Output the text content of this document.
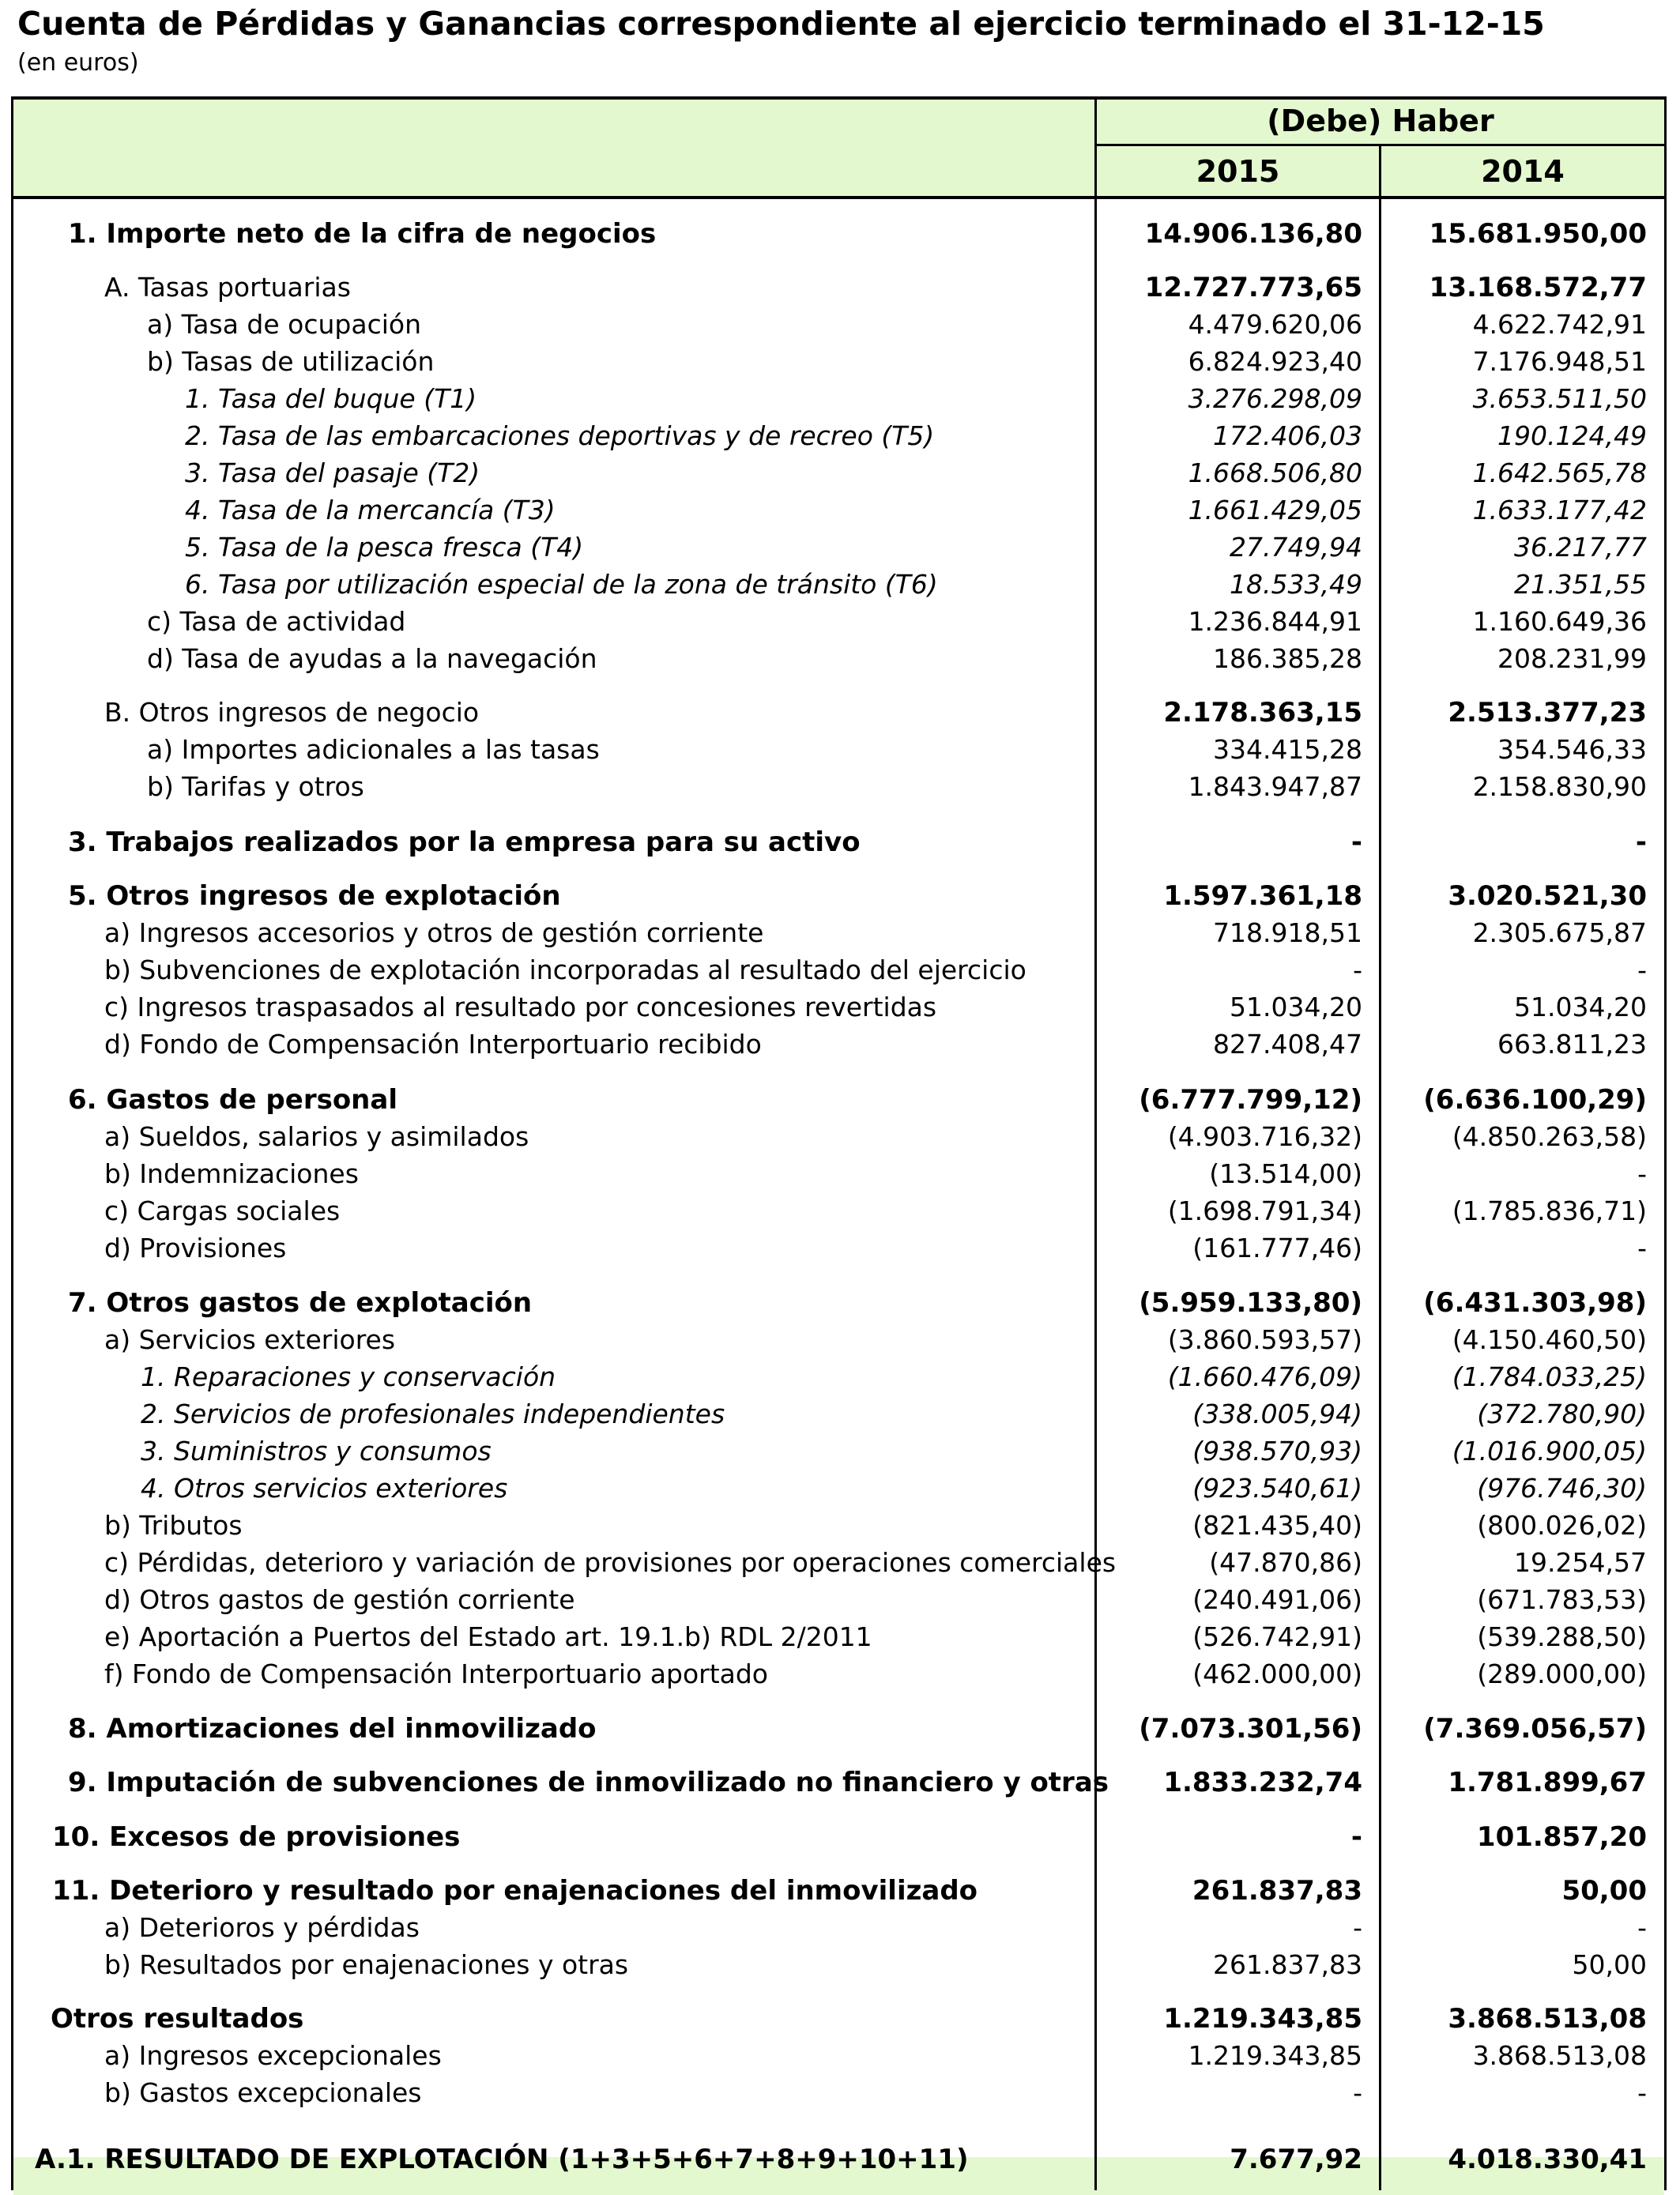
Cuenta de Pérdidas y Ganancias correspondiente al ejercicio terminado el 31-12-15
(en euros)
(Debe) Haber
2015	2014
1. Importe neto de la cifra de negocios	14.906.136,80 15.681.950,00
A. Tasas portuarias	12.727.773,65 13.168.572,77
a) Tasa de ocupación	4.479.620,06	4.622.742,91
b) Tasas de utilización	6.824.923,40	7.176.948,51
1. Tasa del buque (T1)	3.276.298,09	3.653.511,50
2. Tasa de las embarcaciones deportivas y de recreo (T5)	172.406,03	190.124,49
3. Tasa del pasaje (T2)	1.668.506,80	1.642.565,78
4. Tasa de la mercancía (T3)	1.661.429,05	1.633.177,42
5. Tasa de la pesca fresca (T4)	27.749,94	36.217,77
6. Tasa por utilización especial de la zona de tránsito (T6)	18.533,49	21.351,55
c) Tasa de actividad	1.236.844,91	1.160.649,36
d) Tasa de ayudas a la navegación	186.385,28	208.231,99
B. Otros ingresos de negocio	2.178.363,15	2.513.377,23
a) Importes adicionales a las tasas	334.415,28	354.546,33
b) Tarifas y otros	1.843.947,87	2.158.830,90
3. Trabajos realizados por la empresa para su activo	-	-
5. Otros ingresos de explotación	1.597.361,18	3.020.521,30
a) Ingresos accesorios y otros de gestión corriente	718.918,51	2.305.675,87
b) Subvenciones de explotación incorporadas al resultado del ejercicio	-	-
c) Ingresos traspasados al resultado por concesiones revertidas	51.034,20	51.034,20
d) Fondo de Compensación Interportuario recibido	827.408,47	663.811,23
6. Gastos de personal	(6.777.799,12) (6.636.100,29)
a) Sueldos, salarios y asimilados	(4.903.716,32)	(4.850.263,58)
b) Indemnizaciones	(13.514,00)	-
c) Cargas sociales	(1.698.791,34)	(1.785.836,71)
d) Provisiones	(161.777,46)	-
7. Otros gastos de explotación	(5.959.133,80) (6.431.303,98)
a) Servicios exteriores	(3.860.593,57)	(4.150.460,50)
1. Reparaciones y conservación	(1.660.476,09)	(1.784.033,25)
2. Servicios de profesionales independientes	(338.005,94)	(372.780,90)
3. Suministros y consumos	(938.570,93)	(1.016.900,05)
4. Otros servicios exteriores	(923.540,61)	(976.746,30)
b) Tributos	(821.435,40)	(800.026,02)
c) Pérdidas, deterioro y variación de provisiones por operaciones comerciales	(47.870,86)	19.254,57
d) Otros gastos de gestión corriente	(240.491,06)	(671.783,53)
e) Aportación a Puertos del Estado art. 19.1.b) RDL 2/2011	(526.742,91)	(539.288,50)
f) Fondo de Compensación Interportuario aportado	(462.000,00)	(289.000,00)
8. Amortizaciones del inmovilizado	(7.073.301,56) (7.369.056,57)
9. Imputación de subvenciones de inmovilizado no financiero y otras 1.833.232,74	1.781.899,67
10. Excesos de provisiones	-	101.857,20
11. Deterioro y resultado por enajenaciones del inmovilizado	261.837,83	50,00
a) Deterioros y pérdidas	-	-
b) Resultados por enajenaciones y otras	261.837,83	50,00
Otros resultados	1.219.343,85	3.868.513,08
a) Ingresos excepcionales	1.219.343,85	3.868.513,08
b) Gastos excepcionales	-	-
A.1. RESULTADO DE EXPLOTACIÓN (1+3+5+6+7+8+9+10+11)	7.677,92	4.018.330,41
